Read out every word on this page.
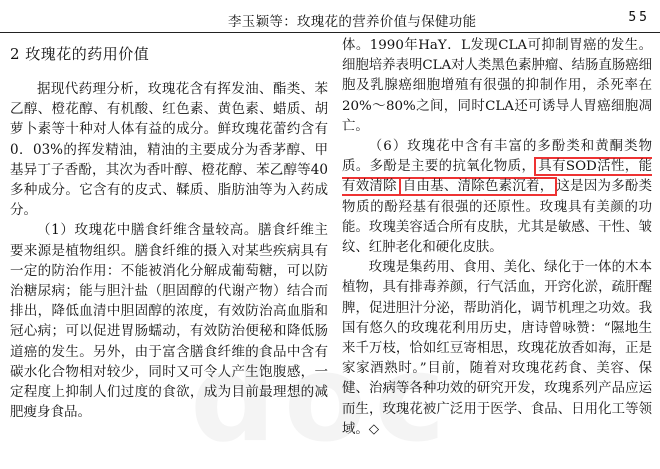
李玉颖等：玫瑰花的营养价值与保健功能	55
2 玫瑰花的药用价值

据现代药理分析，玫瑰花含有挥发油、酯类、苯乙醇、橙花醇、有机酸、红色素、黄色素、蜡质、胡萝卜素等十种对人体有益的成分。鲜玫瑰花蕾约含有 0．03%的挥发精油，精油的主要成分为香茅醇、甲基异丁子香酚，其次为香叶醇、橙花醇、苯乙醇等40多种成分。它含有的皮式、鞣质、脂肪油等为入药成分。

（1）玫瑰花中膳食纤维含量较高。膳食纤维主要来源是植物组织。膳食纤维的摄入对某些疾病具有一定的防治作用：不能被消化分解成葡萄糖，可以防治糖尿病；能与胆汁盐（胆固醇的代谢产物）结合而排出，降低血清中胆固醇的浓度，有效防治高血脂和冠心病；可以促进胃肠蠕动，有效防治便秘和降低肠道癌的发生。另外，由于富含膳食纤维的食品中含有碳水化合物相对较少，同时又可令人产生饱腹感，一定程度上抑制人们过度的食欲，成为目前最理想的减肥瘦身食品。

体。1990年HaY．L发现CLA可抑制胃癌的发生。细胞培养表明CLA对人类黑色素肿瘤、结肠直肠癌细胞及乳腺癌细胞增殖有很强的抑制作用，杀死率在20%～80%之间，同时CLA还可诱导人胃癌细胞凋亡。

（6）玫瑰花中含有丰富的多酚类和黄酮类物质。多酚是主要的抗氧化物质， 具有SOD活性，能有效清除 自由基、清除色素沉着， 这是因为多酚类物质的酚羟基有很强的还原性。玫瑰具有美颜的功能。玫瑰美容适合所有皮肤，尤其是敏感、干性、皱纹、红肿老化和硬化皮肤。

玫瑰是集药用、食用、美化、绿化于一体的木本植物，具有排毒养颜，行气活血，开窍化淤，疏肝醒脾，促进胆汁分泌，帮助消化，调节机理之功效。我国有悠久的玫瑰花利用历史，唐诗曾咏赞：“隰地生来千万枝，恰如红豆寄相思，玫瑰花放香如海，正是家家酒熟时。”目前，随着对玫瑰花药食、美容、保健、治病等各种功效的研究开发，玫瑰系列产品应运而生，玫瑰花被广泛用于医学、食品、日用化工等领域。◇
